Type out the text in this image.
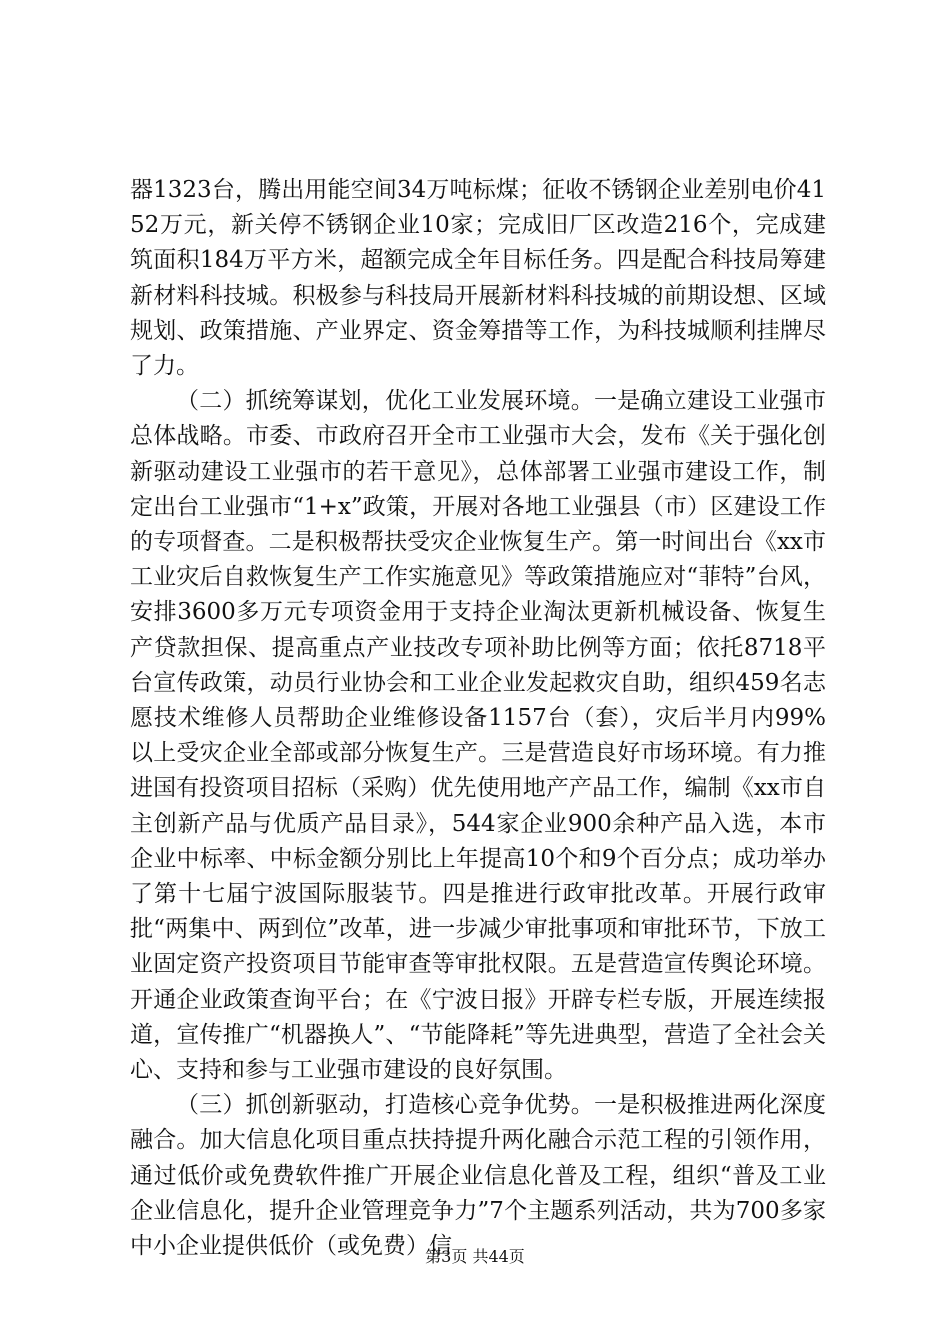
器1323台，腾出用能空间34万吨标煤；征收不锈钢企业差别电价4152万元，新关停不锈钢企业10家；完成旧厂区改造216个，完成建筑面积184万平方米，超额完成全年目标任务。四是配合科技局筹建新材料科技城。积极参与科技局开展新材料科技城的前期设想、区域规划、政策措施、产业界定、资金筹措等工作，为科技城顺利挂牌尽了力。

（二）抓统筹谋划，优化工业发展环境。一是确立建设工业强市总体战略。市委、市政府召开全市工业强市大会，发布《关于强化创新驱动建设工业强市的若干意见》，总体部署工业强市建设工作，制定出台工业强市“1+x”政策，开展对各地工业强县（市）区建设工作的专项督查。二是积极帮扶受灾企业恢复生产。第一时间出台《xx市工业灾后自救恢复生产工作实施意见》等政策措施应对“菲特”台风，安排3600多万元专项资金用于支持企业淘汰更新机械设备、恢复生产贷款担保、提高重点产业技改专项补助比例等方面；依托8718平台宣传政策，动员行业协会和工业企业发起救灾自助，组织459名志愿技术维修人员帮助企业维修设备1157台（套），灾后半月内99%以上受灾企业全部或部分恢复生产。三是营造良好市场环境。有力推进国有投资项目招标（采购）优先使用地产产品工作，编制《xx市自主创新产品与优质产品目录》，544家企业900余种产品入选，本市企业中标率、中标金额分别比上年提高10个和9个百分点；成功举办了第十七届宁波国际服装节。四是推进行政审批改革。开展行政审批“两集中、两到位”改革，进一步减少审批事项和审批环节，下放工业固定资产投资项目节能审查等审批权限。五是营造宣传舆论环境。开通企业政策查询平台；在《宁波日报》开辟专栏专版，开展连续报道，宣传推广“机器换人”、“节能降耗”等先进典型，营造了全社会关心、支持和参与工业强市建设的良好氛围。

（三）抓创新驱动，打造核心竞争优势。一是积极推进两化深度融合。加大信息化项目重点扶持提升两化融合示范工程的引领作用，通过低价或免费软件推广开展企业信息化普及工程，组织“普及工业企业信息化，提升企业管理竞争力”7个主题系列活动，共为700多家中小企业提供低价（或免费）信

第3页 共44页
